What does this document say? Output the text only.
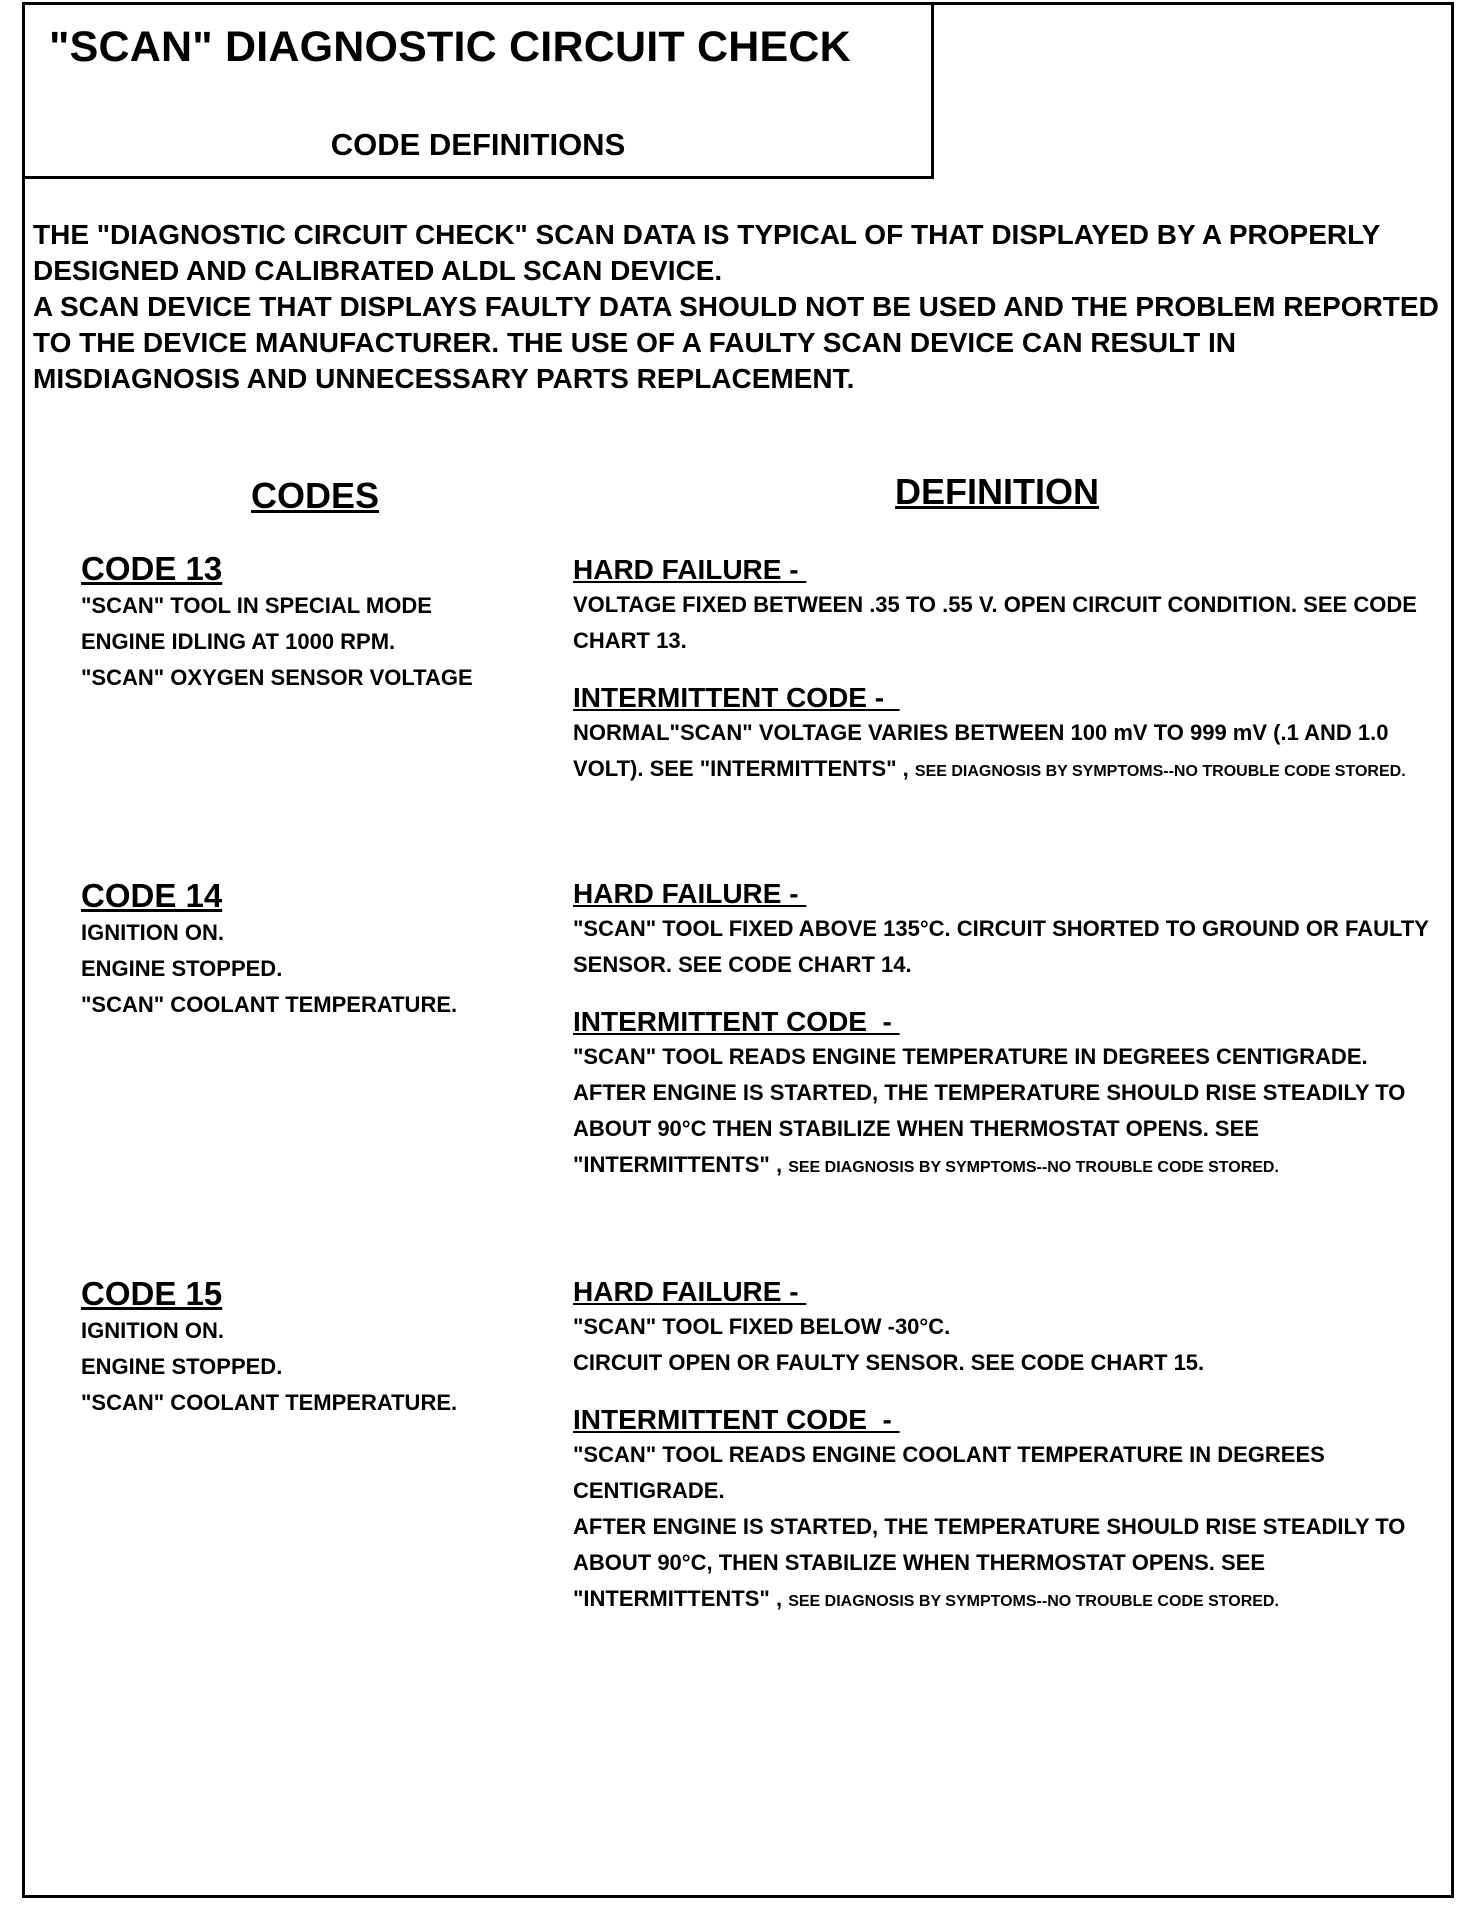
"SCAN" DIAGNOSTIC CIRCUIT CHECK
CODE DEFINITIONS

THE "DIAGNOSTIC CIRCUIT CHECK" SCAN DATA IS TYPICAL OF THAT DISPLAYED BY A PROPERLY DESIGNED AND CALIBRATED ALDL SCAN DEVICE.

A SCAN DEVICE THAT DISPLAYS FAULTY DATA SHOULD NOT BE USED AND THE PROBLEM REPORTED TO THE DEVICE MANUFACTURER. THE USE OF A FAULTY SCAN DEVICE CAN RESULT IN MISDIAGNOSIS AND UNNECESSARY PARTS REPLACEMENT.

CODES	DEFINITION
CODE 13
"SCAN" TOOL IN SPECIAL MODE
ENGINE IDLING AT 1000 RPM.
"SCAN" OXYGEN SENSOR VOLTAGE
HARD FAILURE -
VOLTAGE FIXED BETWEEN .35 TO .55 V. OPEN CIRCUIT CONDITION. SEE CODE CHART 13.
INTERMITTENT CODE -
NORMAL"SCAN" VOLTAGE VARIES BETWEEN 100 mV TO 999 mV (.1 AND 1.0 VOLT). SEE "INTERMITTENTS" , SEE DIAGNOSIS BY SYMPTOMS--NO TROUBLE CODE STORED.
CODE 14
IGNITION ON.
ENGINE STOPPED.
"SCAN" COOLANT TEMPERATURE.
HARD FAILURE -
"SCAN" TOOL FIXED ABOVE 135°C. CIRCUIT SHORTED TO GROUND OR FAULTY SENSOR. SEE CODE CHART 14.
INTERMITTENT CODE  -
"SCAN" TOOL READS ENGINE TEMPERATURE IN DEGREES CENTIGRADE. AFTER ENGINE IS STARTED, THE TEMPERATURE SHOULD RISE STEADILY TO ABOUT 90°C THEN STABILIZE WHEN THERMOSTAT OPENS. SEE "INTERMITTENTS" , SEE DIAGNOSIS BY SYMPTOMS--NO TROUBLE CODE STORED.
CODE 15
IGNITION ON.
ENGINE STOPPED.
"SCAN" COOLANT TEMPERATURE.
HARD FAILURE -
"SCAN" TOOL FIXED BELOW -30°C.
CIRCUIT OPEN OR FAULTY SENSOR. SEE CODE CHART 15.
INTERMITTENT CODE  -
"SCAN" TOOL READS ENGINE COOLANT TEMPERATURE IN DEGREES CENTIGRADE.
AFTER ENGINE IS STARTED, THE TEMPERATURE SHOULD RISE STEADILY TO ABOUT 90°C, THEN STABILIZE WHEN THERMOSTAT OPENS. SEE "INTERMITTENTS" , SEE DIAGNOSIS BY SYMPTOMS--NO TROUBLE CODE STORED.
